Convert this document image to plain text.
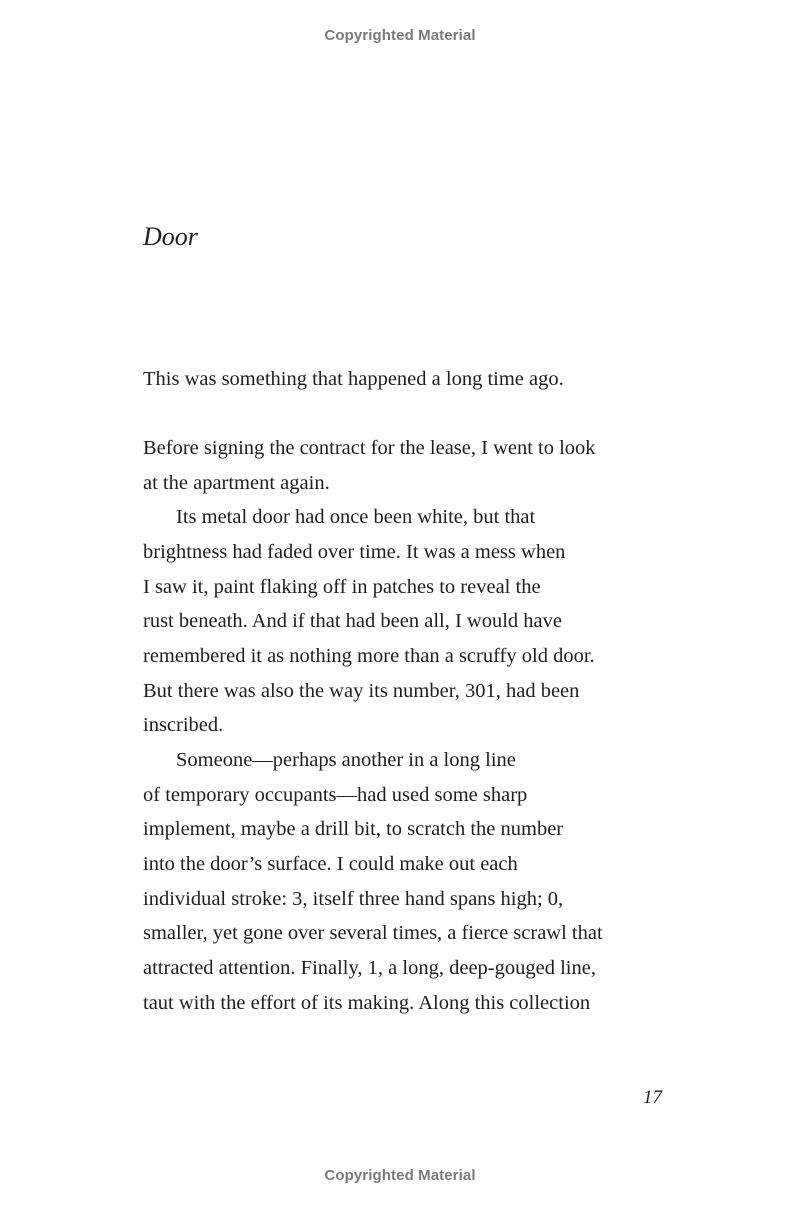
Copyrighted Material
Door
This was something that happened a long time ago.
Before signing the contract for the lease, I went to look
at the apartment again.
Its metal door had once been white, but that
brightness had faded over time. It was a mess when
I saw it, paint flaking off in patches to reveal the
rust beneath. And if that had been all, I would have
remembered it as nothing more than a scruffy old door.
But there was also the way its number, 301, had been
inscribed.
Someone—perhaps another in a long line
of temporary occupants—had used some sharp
implement, maybe a drill bit, to scratch the number
into the door’s surface. I could make out each
individual stroke: 3, itself three hand spans high; 0,
smaller, yet gone over several times, a fierce scrawl that
attracted attention. Finally, 1, a long, deep-gouged line,
taut with the effort of its making. Along this collection
17
Copyrighted Material
